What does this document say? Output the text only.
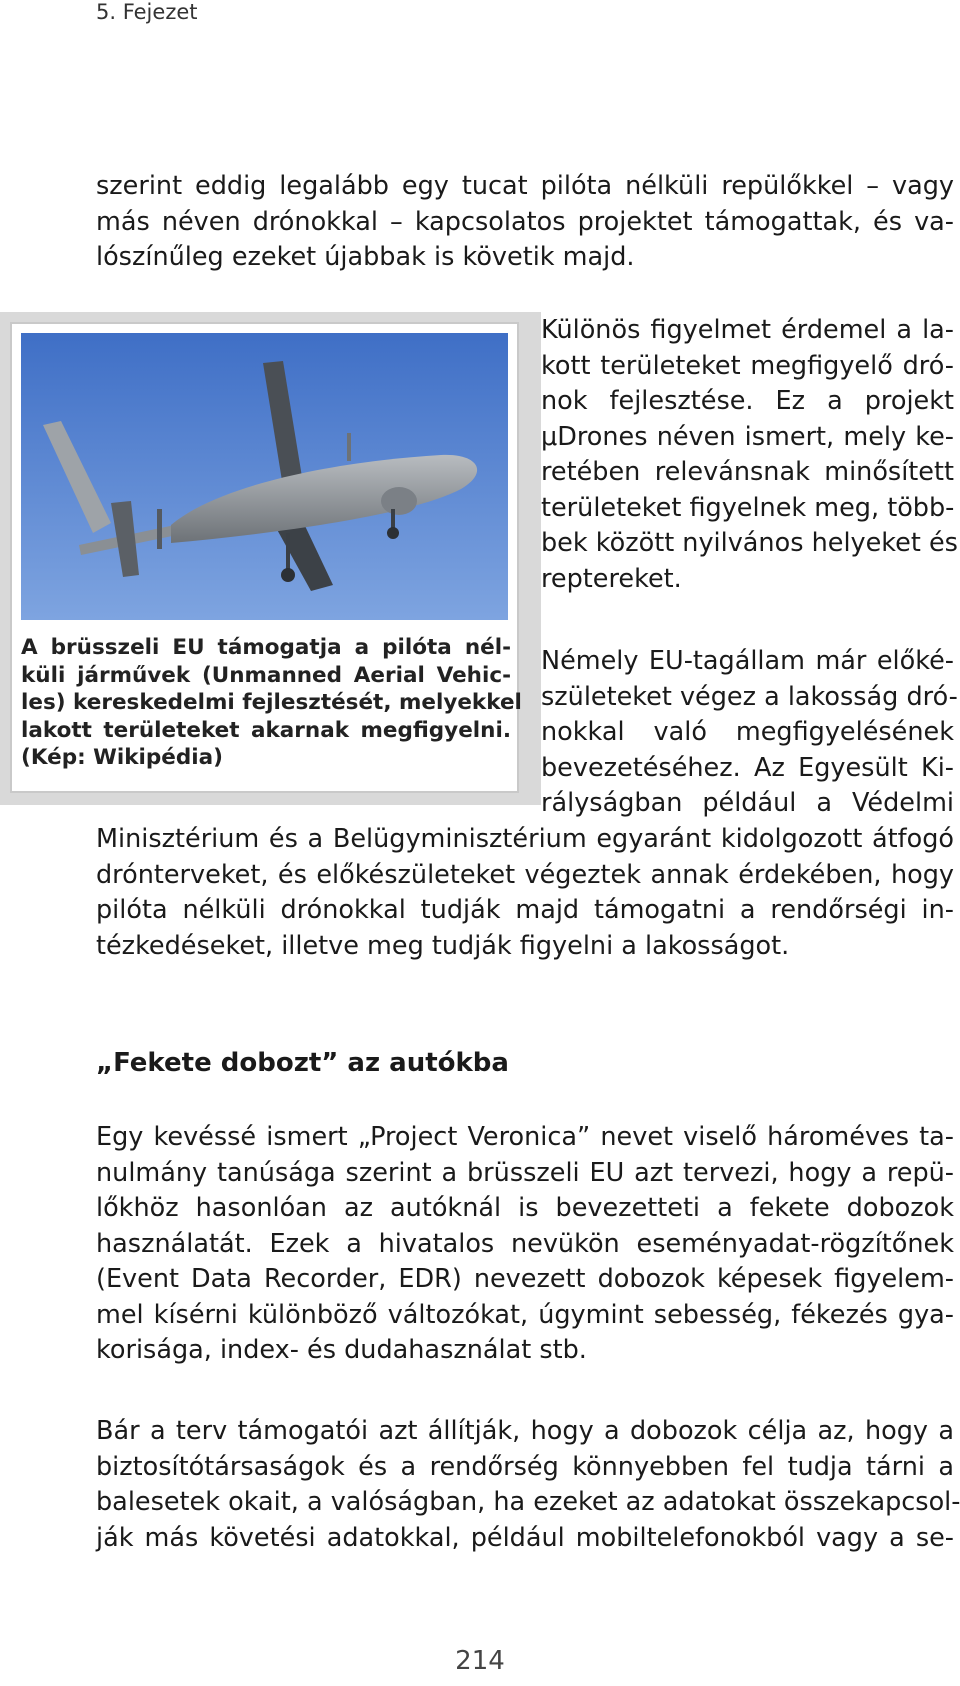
5. Fejezet
szerint eddig legalább egy tucat pilóta nélküli repülőkkel – vagy
más néven drónokkal – kapcsolatos projektet támogattak, és va-
lószínűleg ezeket újabbak is követik majd.
A brüsszeli EU támogatja a pilóta nél-
küli járművek (Unmanned Aerial Vehic-
les) kereskedelmi fejlesztését, melyekkel
lakott területeket akarnak megfigyelni.
(Kép: Wikipédia)
Különös figyelmet érdemel a la-
kott területeket megfigyelő dró-
nok fejlesztése. Ez a projekt
μDrones néven ismert, mely ke-
retében relevánsnak minősített
területeket figyelnek meg, több-
bek között nyilvános helyeket és
reptereket.
Némely EU-tagállam már előké-
születeket végez a lakosság dró-
nokkal való megfigyelésének
bevezetéséhez. Az Egyesült Ki-
rályságban például a Védelmi
Minisztérium és a Belügyminisztérium egyaránt kidolgozott átfogó
drónterveket, és előkészületeket végeztek annak érdekében, hogy
pilóta nélküli drónokkal tudják majd támogatni a rendőrségi in-
tézkedéseket, illetve meg tudják figyelni a lakosságot.
„Fekete dobozt” az autókba
Egy kevéssé ismert „Project Veronica” nevet viselő hároméves ta-
nulmány tanúsága szerint a brüsszeli EU azt tervezi, hogy a repü-
lőkhöz hasonlóan az autóknál is bevezetteti a fekete dobozok
használatát. Ezek a hivatalos nevükön eseményadat-rögzítőnek
(Event Data Recorder, EDR) nevezett dobozok képesek figyelem-
mel kísérni különböző változókat, úgymint sebesség, fékezés gya-
korisága, index- és dudahasználat stb.
Bár a terv támogatói azt állítják, hogy a dobozok célja az, hogy a
biztosítótársaságok és a rendőrség könnyebben fel tudja tárni a
balesetek okait, a valóságban, ha ezeket az adatokat összekapcsol-
ják más követési adatokkal, például mobiltelefonokból vagy a se-
214
